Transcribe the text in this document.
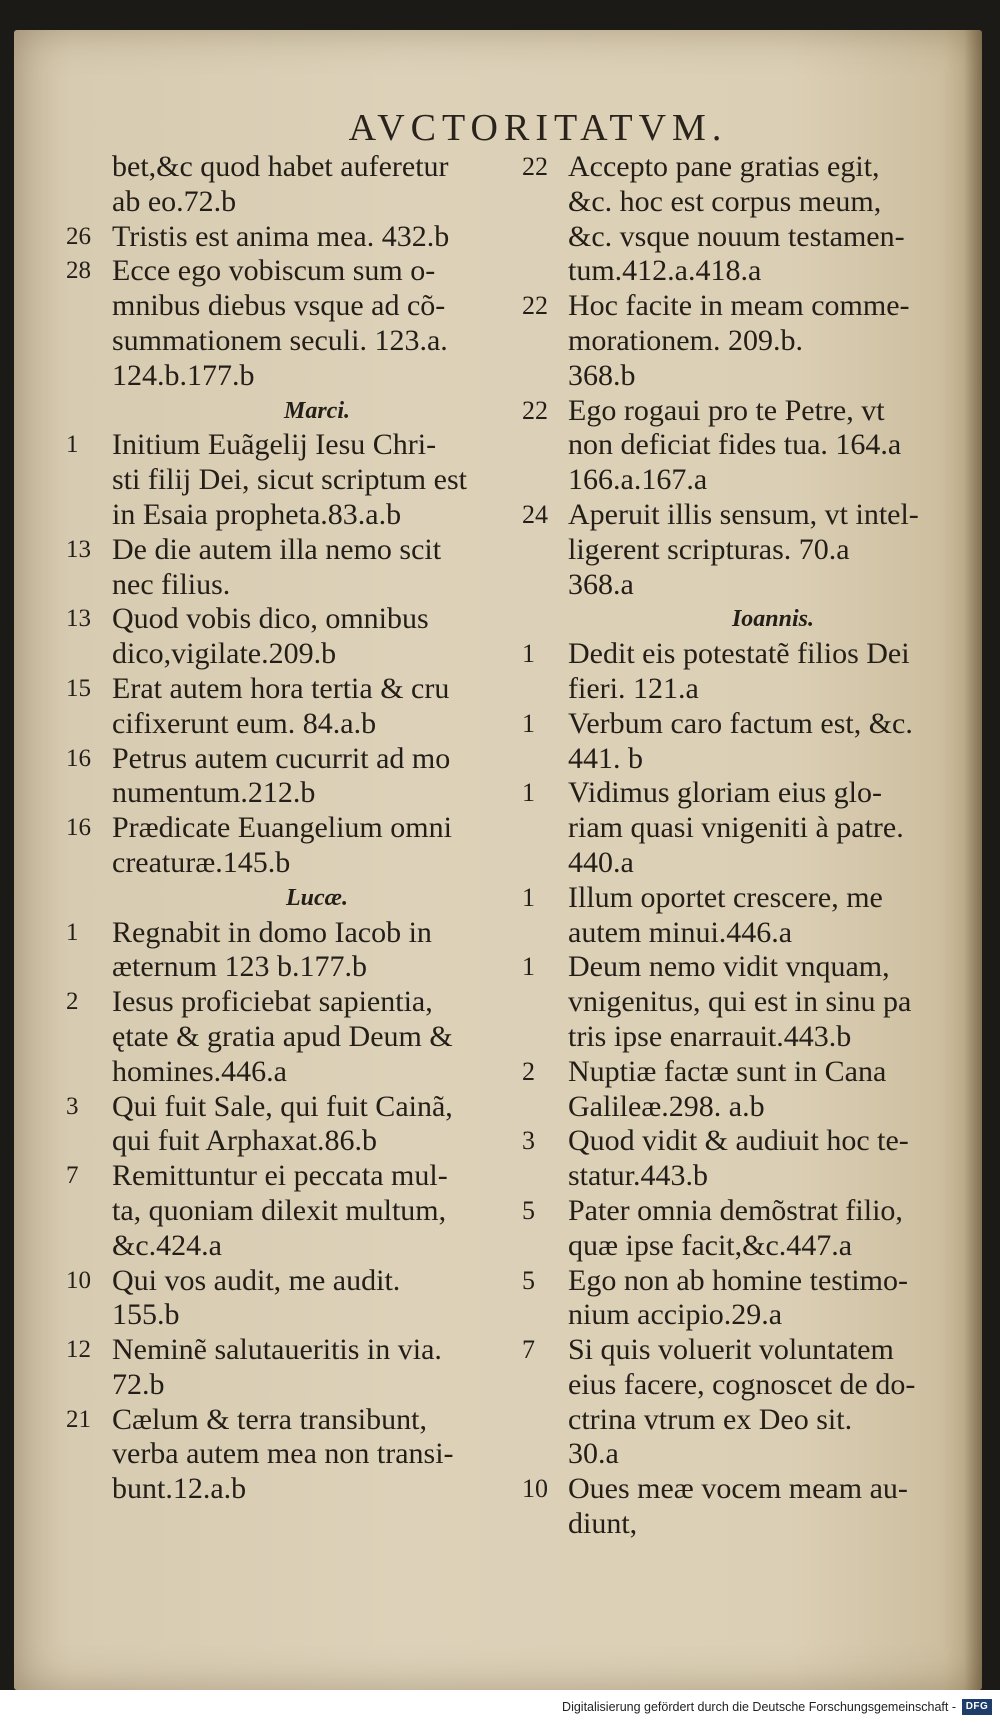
AVCTORITATVM.
bet,&c quod habet auferetur
ab eo.72.b
26 Tristis est anima mea. 432.b
28 Ecce ego vobiscum sum o-
mnibus diebus vsque ad cõ-
summationem seculi. 123.a.
124.b.177.b
Marci.
1	Initium Euãgelij Iesu Chri-
sti filij Dei, sicut scriptum est
in Esaia propheta.83.a.b
13 De die autem illa nemo scit
nec filius.
13 Quod vobis dico, omnibus
dico,vigilate.209.b
15 Erat autem hora tertia & cru
cifixerunt eum. 84.a.b
16 Petrus autem cucurrit ad mo
numentum.212.b
16 Prædicate Euangelium omni
creaturæ.145.b
Lucæ.
1	Regnabit in domo Iacob in
æternum 123 b.177.b
2	Iesus proficiebat sapientia,
ętate & gratia apud Deum &
homines.446.a
3	Qui fuit Sale, qui fuit Cainã,
qui fuit Arphaxat.86.b
7	Remittuntur ei peccata mul-
ta, quoniam dilexit multum,
&c.424.a
10 Qui vos audit, me audit.
155.b
12 Neminẽ salutaueritis in via.
72.b
21 Cælum & terra transibunt,
verba autem mea non transi-
bunt.12.a.b
22 Accepto pane gratias egit,
&c. hoc est corpus meum,
&c. vsque nouum testamen-
tum.412.a.418.a
22 Hoc facite in meam comme-
morationem. 209.b.
368.b
22 Ego rogaui pro te Petre, vt
non deficiat fides tua. 164.a
166.a.167.a
24 Aperuit illis sensum, vt intel-
ligerent scripturas. 70.a
368.a
Ioannis.
1	Dedit eis potestatẽ filios Dei
fieri. 121.a
1	Verbum caro factum est, &c.
441. b
1	Vidimus gloriam eius glo-
riam quasi vnigeniti à patre.
440.a
1	Illum oportet crescere, me
autem minui.446.a
1	Deum nemo vidit vnquam,
vnigenitus, qui est in sinu pa
tris ipse enarrauit.443.b
2	Nuptiæ factæ sunt in Cana
Galileæ.298. a.b
3	Quod vidit & audiuit hoc te-
statur.443.b
5	Pater omnia demõstrat filio,
quæ ipse facit,&c.447.a
5	Ego non ab homine testimo-
nium accipio.29.a
7	Si quis voluerit voluntatem
eius facere, cognoscet de do-
ctrina vtrum ex Deo sit.
30.a
10 Oues meæ vocem meam au-
diunt,
Digitalisierung gefördert durch die Deutsche Forschungsgemeinschaft - DFG
